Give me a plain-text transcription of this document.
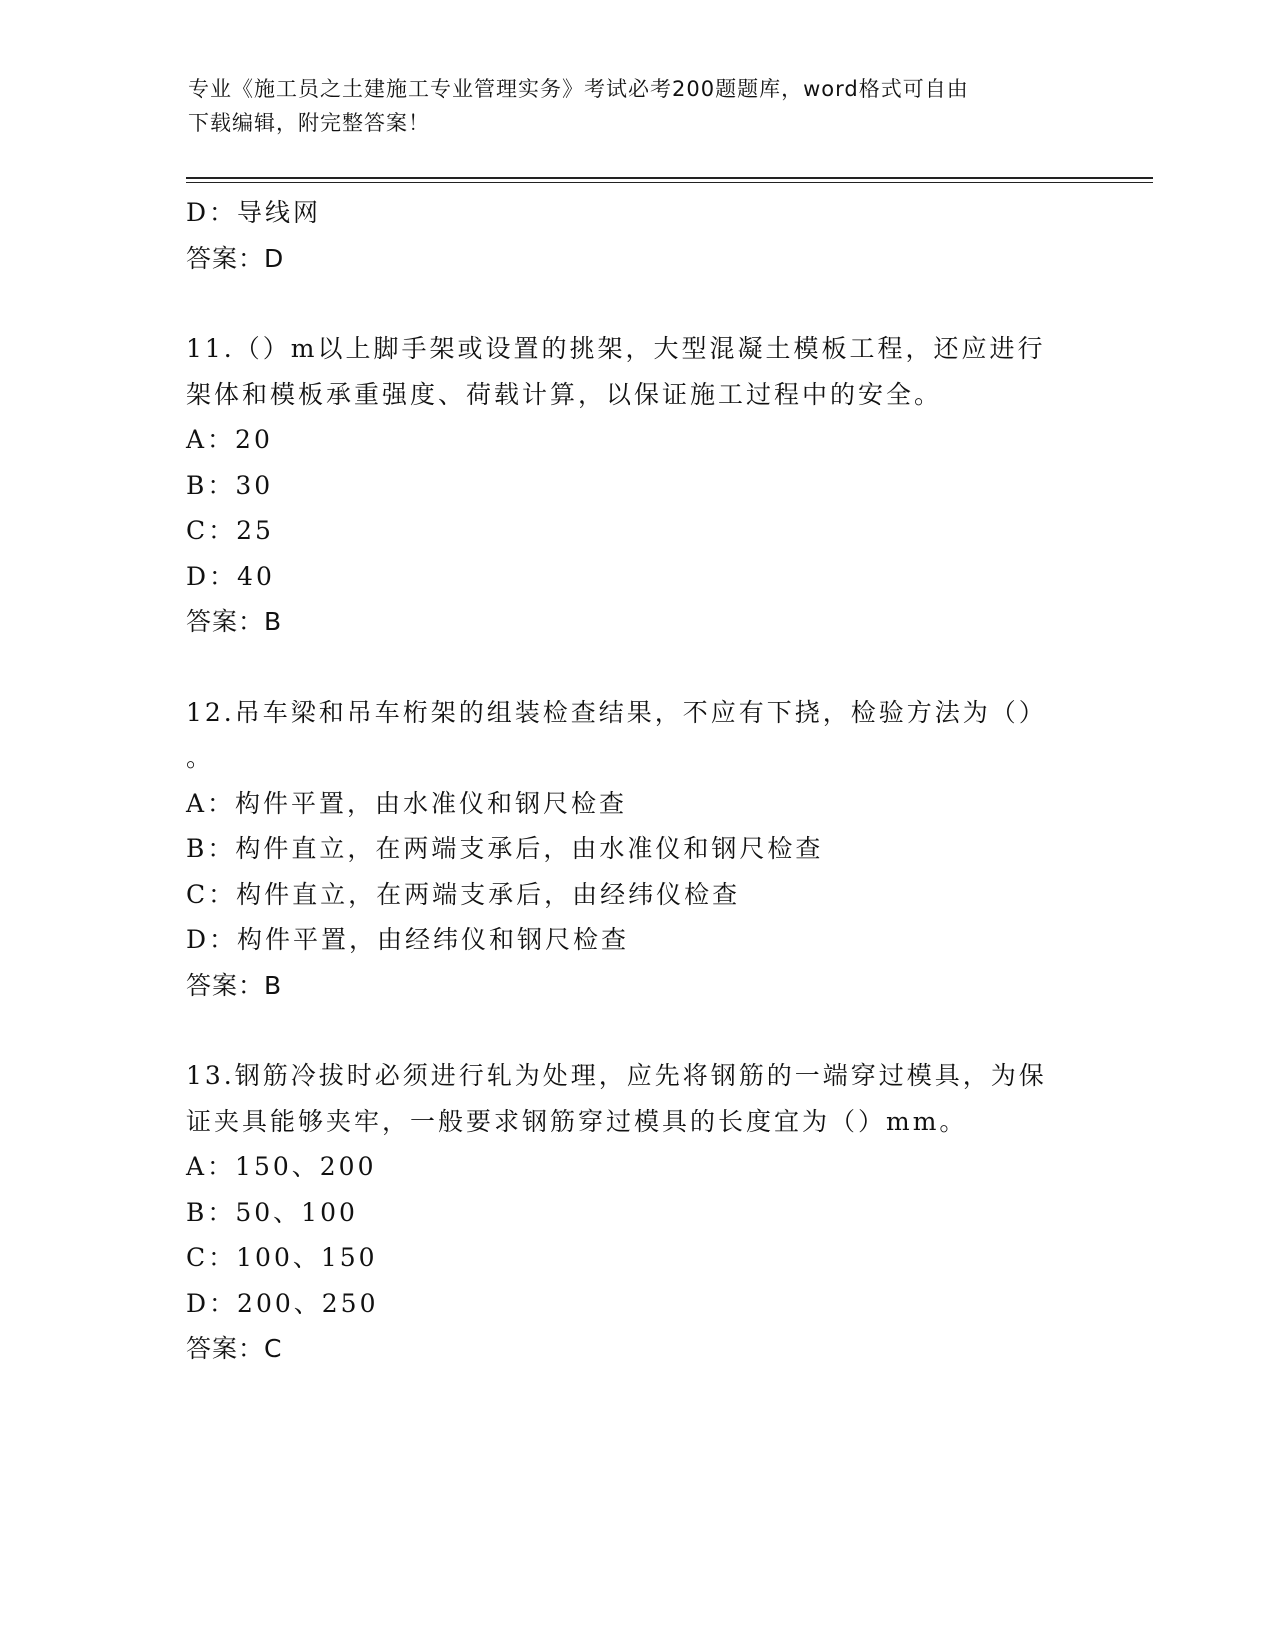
专业《施工员之土建施工专业管理实务》考试必考200题题库，word格式可自由
下载编辑，附完整答案！
D：导线网
答案：D
11.（）m以上脚手架或设置的挑架，大型混凝土模板工程，还应进行
架体和模板承重强度、荷载计算，以保证施工过程中的安全。
A：20
B：30
C：25
D：40
答案：B
12.吊车梁和吊车桁架的组装检查结果，不应有下挠，检验方法为（）
。
A：构件平置，由水准仪和钢尺检查
B：构件直立，在两端支承后，由水准仪和钢尺检查
C：构件直立，在两端支承后，由经纬仪检查
D：构件平置，由经纬仪和钢尺检查
答案：B
13.钢筋冷拔时必须进行轧为处理，应先将钢筋的一端穿过模具，为保
证夹具能够夹牢，一般要求钢筋穿过模具的长度宜为（）mm。
A：150、200
B：50、100
C：100、150
D：200、250
答案：C
